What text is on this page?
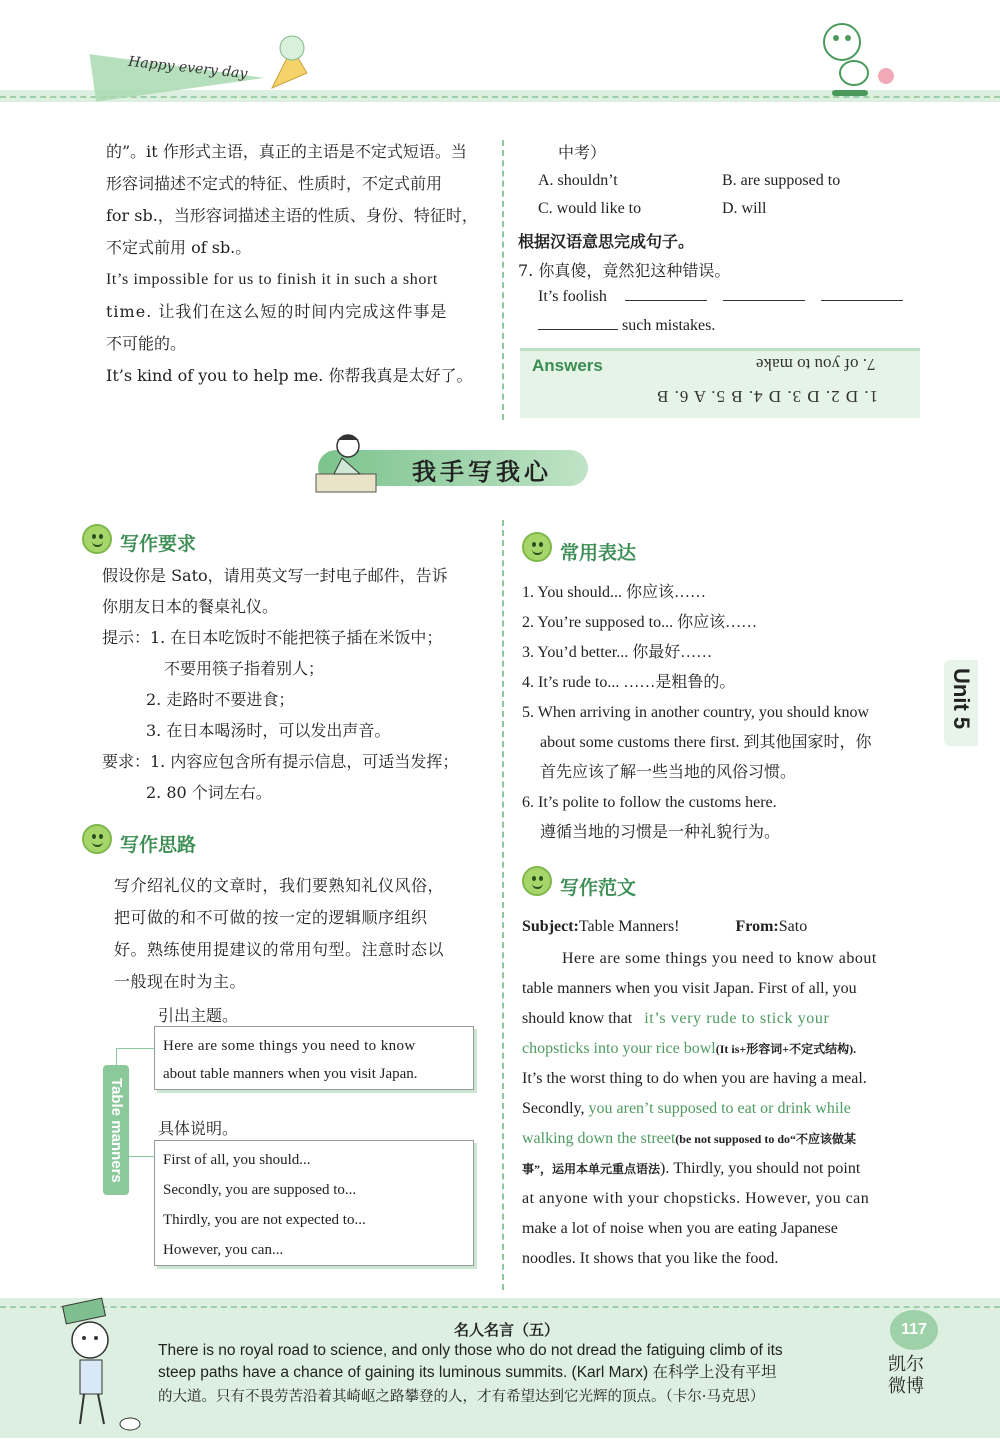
Happy every day
的”。it 作形式主语，真正的主语是不定式短语。当
形容词描述不定式的特征、性质时，不定式前用
for sb.，当形容词描述主语的性质、身份、特征时，
不定式前用 of sb.。
It’s impossible for us to finish it in such a short
time. 让我们在这么短的时间内完成这件事是
不可能的。
It’s kind of you to help me. 你帮我真是太好了。
中考）
A. shouldn’t	B. are supposed to
C. would like to	D. will
根据汉语意思完成句子。
7. 你真傻，竟然犯这种错误。
It’s foolish
such mistakes.
Answers	7. of you to make
1. D 2. D 3. D 4. B 5. A 6. B
我手写我心
写作要求
假设你是 Sato，请用英文写一封电子邮件，告诉
你朋友日本的餐桌礼仪。
提示：1. 在日本吃饭时不能把筷子插在米饭中；
不要用筷子指着别人；
2. 走路时不要进食；
3. 在日本喝汤时，可以发出声音。
要求：1. 内容应包含所有提示信息，可适当发挥；
2. 80 个词左右。
写作思路
写介绍礼仪的文章时，我们要熟知礼仪风俗，
把可做的和不可做的按一定的逻辑顺序组织
好。熟练使用提建议的常用句型。注意时态以
一般现在时为主。
Table manners
引出主题。
Here are some things you need to know
about table manners when you visit Japan.
具体说明。
First of all, you should...
Secondly, you are supposed to...
Thirdly, you are not expected to...
However, you can...
常用表达
1. You should... 你应该……
2. You’re supposed to... 你应该……
3. You’d better... 你最好……
4. It’s rude to... ……是粗鲁的。
5. When arriving in another country, you should know
about some customs there first. 到其他国家时，你
首先应该了解一些当地的风俗习惯。
6. It’s polite to follow the customs here.
遵循当地的习惯是一种礼貌行为。
Unit 5
写作范文
Subject:Table Manners!	From:Sato
Here are some things you need to know about
table manners when you visit Japan. First of all, you
should know that it’s very rude to stick your
chopsticks into your rice bowl(It is+形容词+不定式结构).
It’s the worst thing to do when you are having a meal.
Secondly, you aren’t supposed to eat or drink while
walking down the street(be not supposed to do“不应该做某
事”，运用本单元重点语法). Thirdly, you should not point
at anyone with your chopsticks. However, you can
make a lot of noise when you are eating Japanese
noodles. It shows that you like the food.
名人名言（五）
There is no royal road to science, and only those who do not dread the fatiguing climb of its
steep paths have a chance of gaining its luminous summits. (Karl Marx) 在科学上没有平坦
的大道。只有不畏劳苦沿着其崎岖之路攀登的人，才有希望达到它光辉的顶点。（卡尔·马克思）
117
凯尔
微博
